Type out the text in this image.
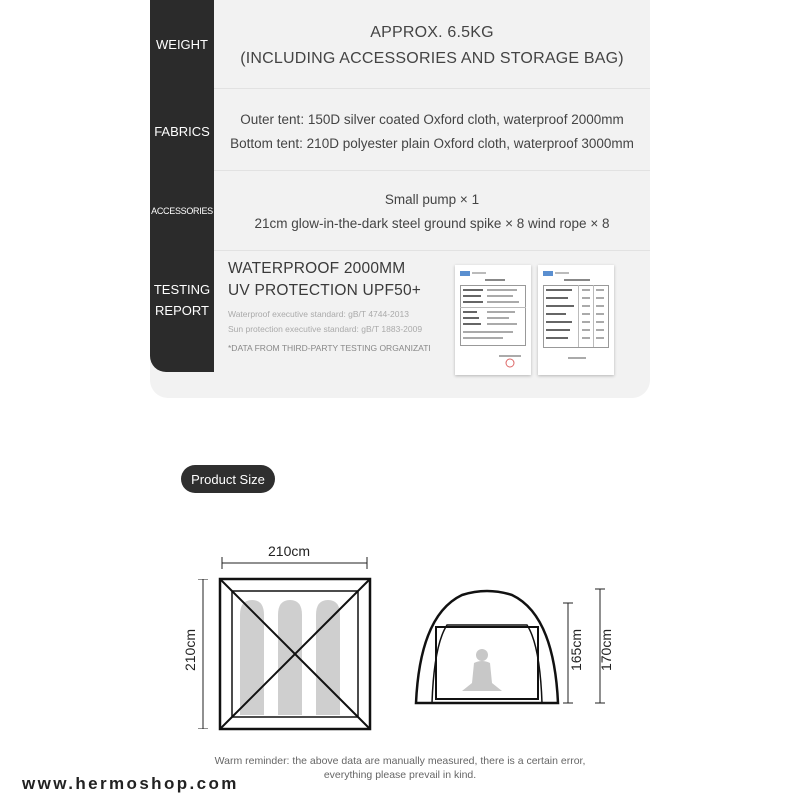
WEIGHT
APPROX. 6.5KG
(INCLUDING ACCESSORIES AND STORAGE BAG)
FABRICS
Outer tent: 150D silver coated Oxford cloth, waterproof 2000mm
Bottom tent: 210D polyester plain Oxford cloth, waterproof 3000mm
ACCESSORIES
Small pump × 1
21cm glow-in-the-dark steel ground spike × 8 wind rope × 8
TESTING
REPORT
WATERPROOF 2000MM
UV PROTECTION UPF50+
Waterproof executive standard: gB/T 4744-2013
Sun protection executive standard: gB/T 1883-2009
*DATA FROM THIRD-PARTY TESTING ORGANIZATI
Product Size
210cm
210cm	165cm 170cm
Warm reminder: the above data are manually measured, there is a certain error,
everything please prevail in kind.
www.hermoshop.com
